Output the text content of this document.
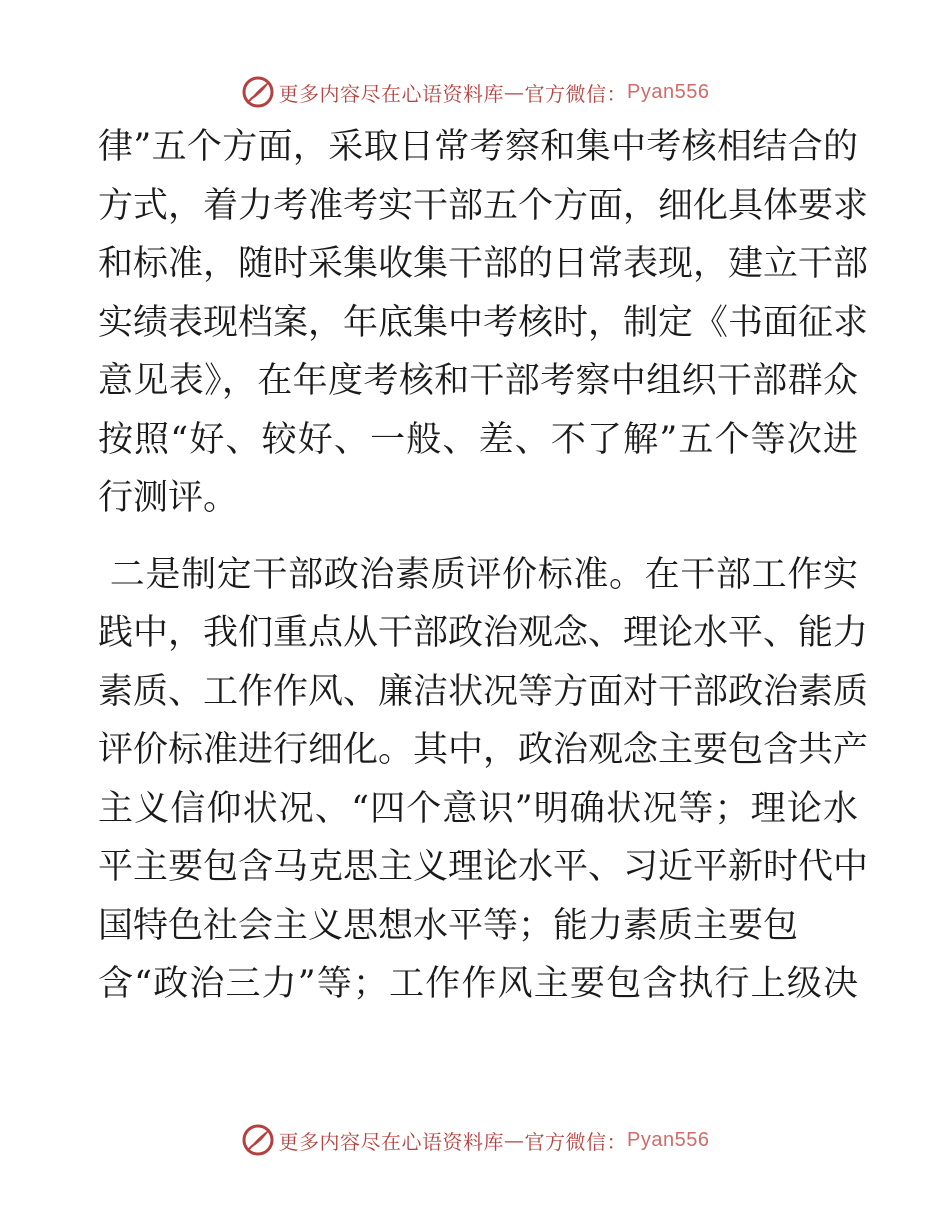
更多内容尽在心语资料库 — 官方微信： Pyan556

律”五个方面，采取日常考察和集中考核相结合的
方式，着力考准考实干部五个方面，细化具体要求
和标准，随时采集收集干部的日常表现，建立干部
实绩表现档案，年底集中考核时，制定《书面征求
意见表》，在年度考核和干部考察中组织干部群众
按照“好、较好、一般、差、不了解”五个等次进
行测评。

二是制定干部政治素质评价标准。在干部工作实
践中，我们重点从干部政治观念、理论水平、能力
素质、工作作风、廉洁状况等方面对干部政治素质
评价标准进行细化。其中，政治观念主要包含共产
主义信仰状况、“四个意识”明确状况等；理论水
平主要包含马克思主义理论水平、习近平新时代中
国特色社会主义思想水平等；能力素质主要包
含“政治三力”等；工作作风主要包含执行上级决

更多内容尽在心语资料库 — 官方微信： Pyan556
